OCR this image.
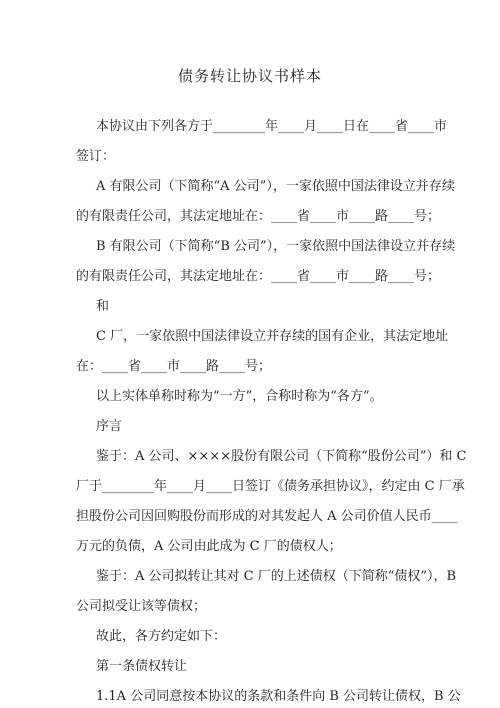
债务转让协议书样本
本协议由下列各方于________年____月____日在____省____市
签订：
A 有限公司（下简称“A 公司”），一家依照中国法律设立并存续
的有限责任公司，其法定地址在：____省____市____路____号；
B 有限公司（下简称“B 公司”），一家依照中国法律设立并存续
的有限责任公司，其法定地址在：____省____市____路____号；
和
C 厂，一家依照中国法律设立并存续的国有企业，其法定地址
在：____省____市____路____号；
以上实体单称时称为“一方”，合称时称为“各方”。
序言
鉴于：A 公司、××××股份有限公司（下简称“股份公司”）和 C
厂于________年____月____日签订《债务承担协议》，约定由 C 厂承
担股份公司因回购股份而形成的对其发起人 A 公司价值人民币____
万元的负债，A 公司由此成为 C 厂的债权人；
鉴于：A 公司拟转让其对 C 厂的上述债权（下简称“债权”），B
公司拟受让该等债权；
故此，各方约定如下：
第一条债权转让
1.1A 公司同意按本协议的条款和条件向 B 公司转让债权，B 公
